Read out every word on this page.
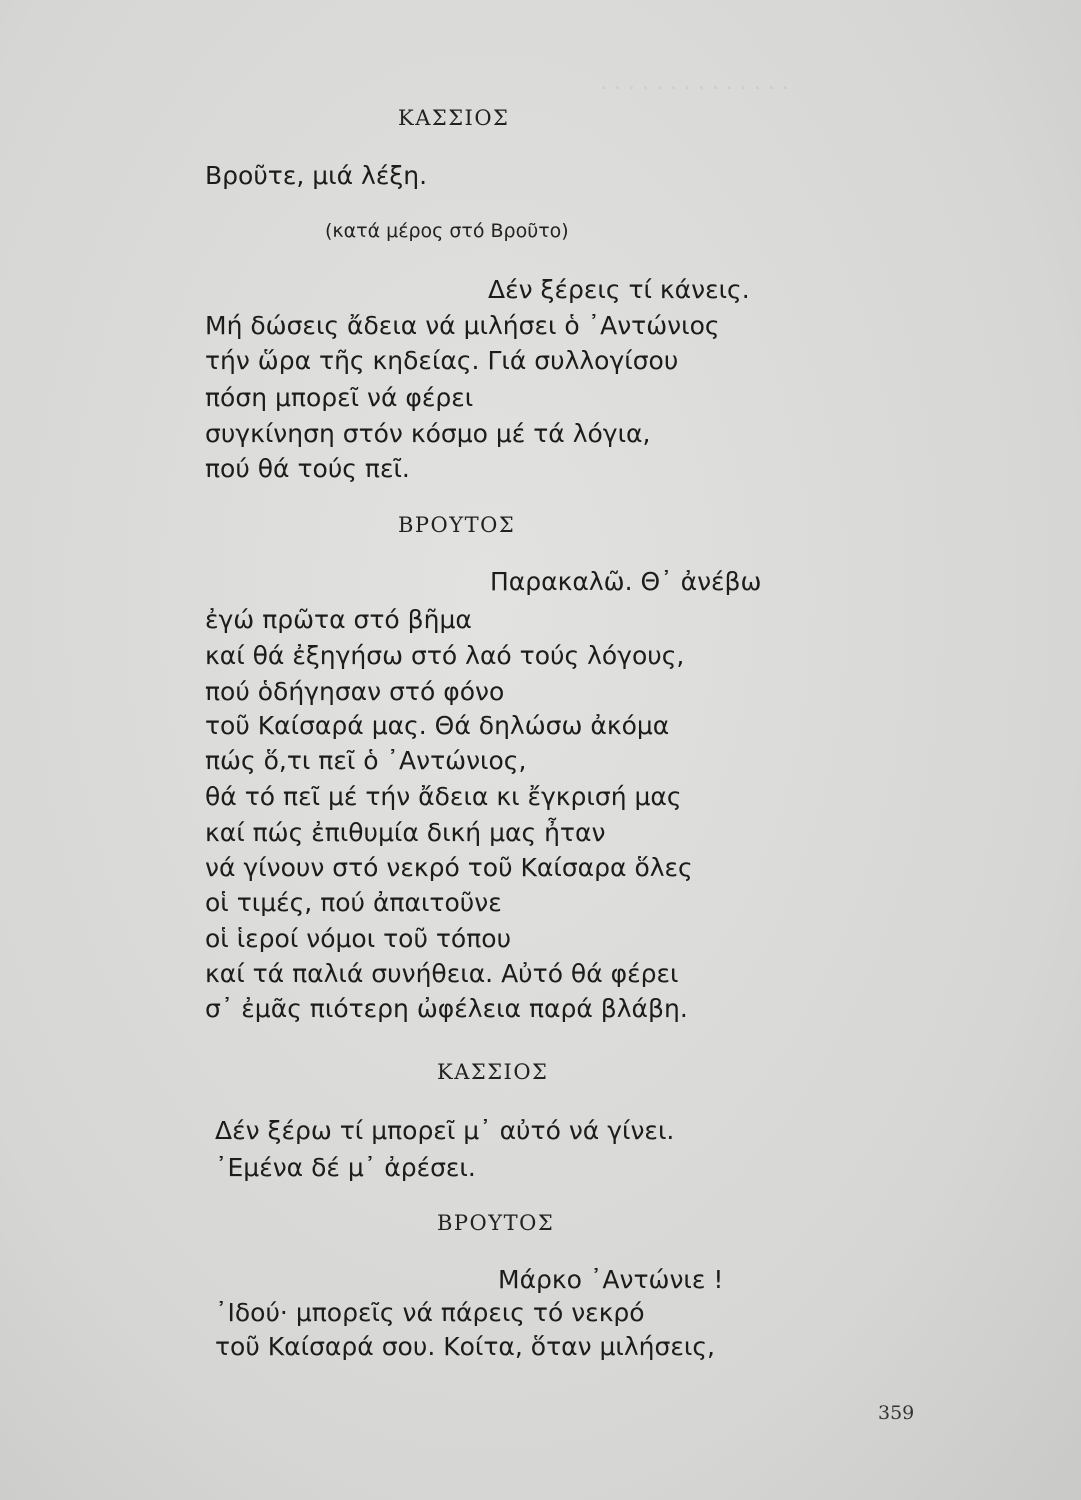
. . . . . . . . . . . . . .
ΚΑΣΣΙΟΣ
Βροῦτε, μιά λέξη.
(κατά μέρος στό Βροῦτο)
Δέν ξέρεις τί κάνεις.
Μή δώσεις ἄδεια νά μιλήσει ὁ ᾽Αντώνιος
τήν ὥρα τῆς κηδείας. Γιά συλλογίσου
πόση μπορεῖ νά φέρει
συγκίνηση στόν κόσμο μέ τά λόγια,
πού θά τούς πεῖ.
ΒΡΟΥΤΟΣ
Παρακαλῶ. Θ᾽ ἀνέβω
ἐγώ πρῶτα στό βῆμα
καί θά ἐξηγήσω στό λαό τούς λόγους,
πού ὁδήγησαν στό φόνο
τοῦ Καίσαρά μας. Θά δηλώσω ἀκόμα
πώς ὅ,τι πεῖ ὁ ᾽Αντώνιος,
θά τό πεῖ μέ τήν ἄδεια κι ἔγκρισή μας
καί πώς ἐπιθυμία δική μας ἦταν
νά γίνουν στό νεκρό τοῦ Καίσαρα ὅλες
οἱ τιμές, πού ἀπαιτοῦνε
οἱ ἱεροί νόμοι τοῦ τόπου
καί τά παλιά συνήθεια. Αὐτό θά φέρει
σ᾽ ἐμᾶς πιότερη ὠφέλεια παρά βλάβη.
ΚΑΣΣΙΟΣ
Δέν ξέρω τί μπορεῖ μ᾽ αὐτό νά γίνει.
᾽Εμένα δέ μ᾽ ἀρέσει.
ΒΡΟΥΤΟΣ
Μάρκο ᾽Αντώνιε !
᾽Ιδού· μπορεῖς νά πάρεις τό νεκρό
τοῦ Καίσαρά σου. Κοίτα, ὅταν μιλήσεις,
359
